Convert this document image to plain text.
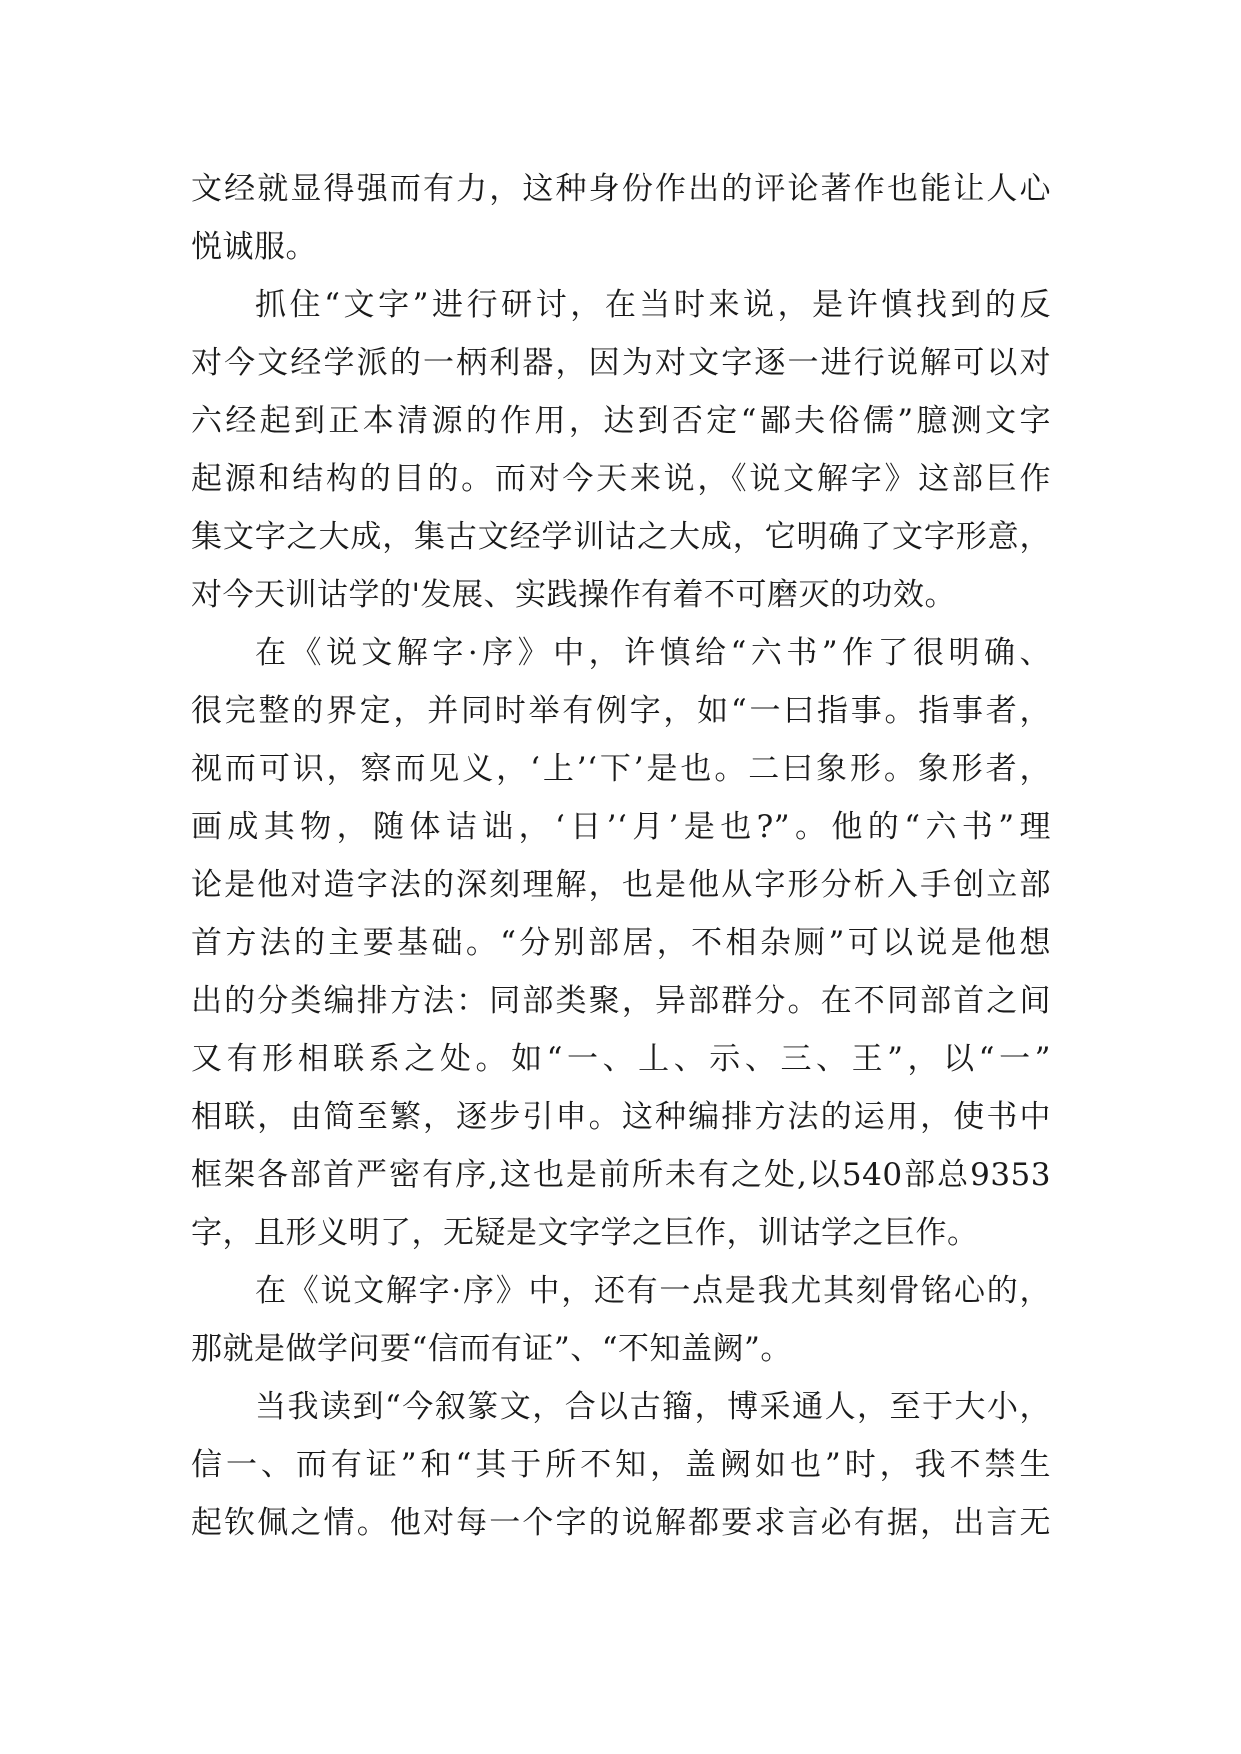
文经就显得强而有力，这种身份作出的评论著作也能让人心
悦诚服。
抓住“文字”进行研讨，在当时来说，是许慎找到的反
对今文经学派的一柄利器，因为对文字逐一进行说解可以对
六经起到正本清源的作用，达到否定“鄙夫俗儒”臆测文字
起源和结构的目的。而对今天来说，《说文解字》这部巨作
集文字之大成，集古文经学训诂之大成，它明确了文字形意，
对今天训诂学的'发展、实践操作有着不可磨灭的功效。
在《说文解字·序》中，许慎给“六书”作了很明确、
很完整的界定，并同时举有例字，如“一曰指事。指事者，
视而可识，察而见义，‘上’‘下’是也。二曰象形。象形者，
画成其物，随体诘诎，‘日’‘月’是也?”。他的“六书”理
论是他对造字法的深刻理解，也是他从字形分析入手创立部
首方法的主要基础。“分别部居，不相杂厕”可以说是他想
出的分类编排方法：同部类聚，异部群分。在不同部首之间
又有形相联系之处。如“一、丄、示、三、王”，以“一”
相联，由简至繁，逐步引申。这种编排方法的运用，使书中
框架各部首严密有序,这也是前所未有之处,以540部总9353
字，且形义明了，无疑是文字学之巨作，训诂学之巨作。
在《说文解字·序》中，还有一点是我尤其刻骨铭心的，
那就是做学问要“信而有证”、“不知盖阙”。
当我读到“今叙篆文，合以古籀，博采通人，至于大小，
信一、而有证”和“其于所不知，盖阙如也”时，我不禁生
起钦佩之情。他对每一个字的说解都要求言必有据，出言无
